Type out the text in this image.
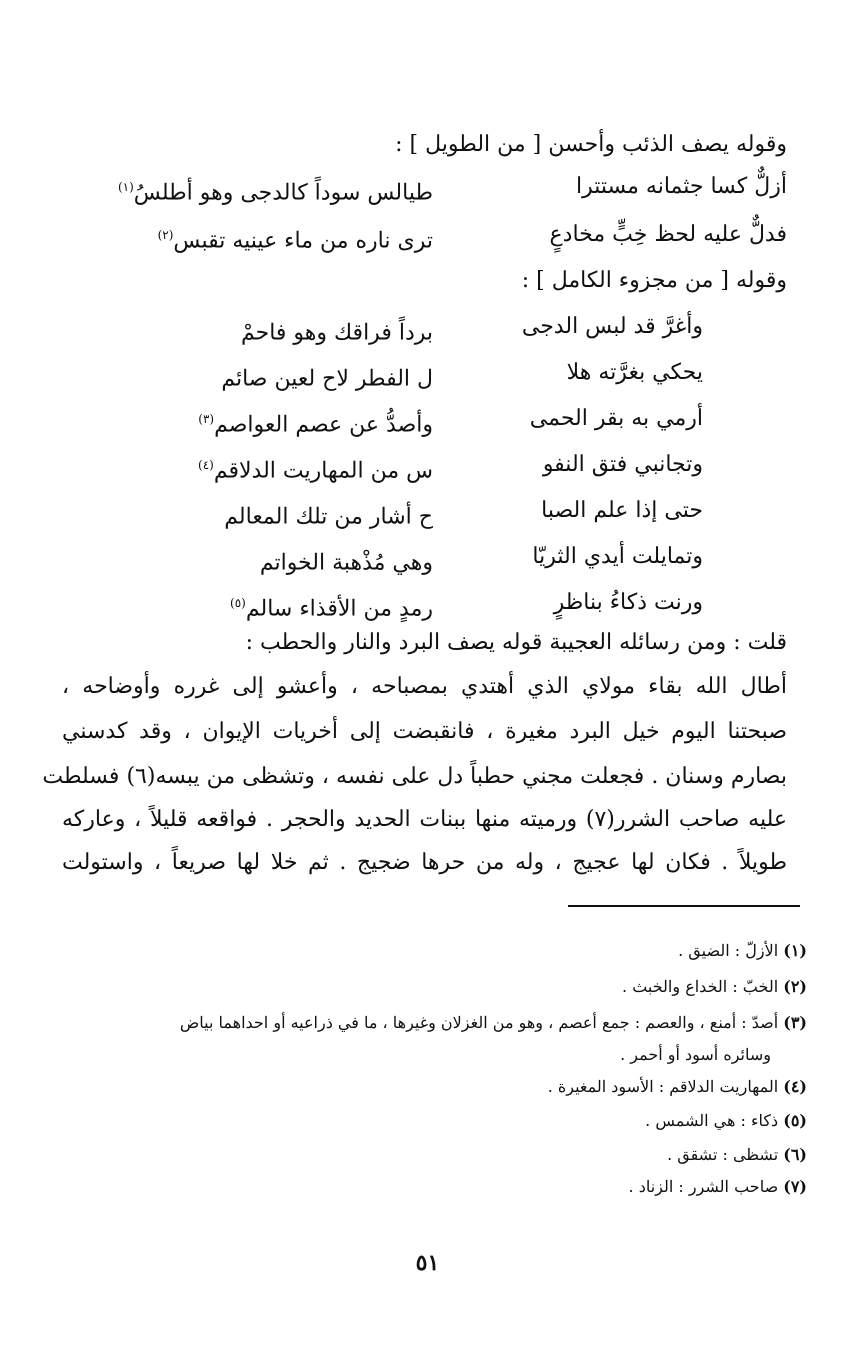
وقوله يصف الذئب وأحسن [ من الطويل ] :
أزلٌّ كسا جثمانه مستترا
طيالس سوداً كالدجى وهو أطلسُ$^{(١)}$
فدلٌّ عليه لحظ خِبٍّ مخادعٍ
ترى ناره من ماء عينيه تقبس$^{(٢)}$
وقوله [ من مجزوء الكامل ] :
وأغرَّ قد لبس الدجى
برداً فراقك وهو فاحمْ
يحكي بغرَّته هلا
ل الفطر لاح لعين صائم
أرمي به بقر الحمى
وأصدُّ عن عصم العواصم$^{(٣)}$
وتجانبي فتق النفو
س من المهاريت الدلاقم$^{(٤)}$
حتى إذا علم الصبا
ح أشار من تلك المعالم
وتمايلت أيدي الثريّا
وهي مُذْهبة الخواتم
ورنت ذكاءُ بناظرٍ
رمدٍ من الأقذاء سالم$^{(٥)}$
قلت : ومن رسائله العجيبة قوله يصف البرد والنار والحطب :
أطال الله بقاء مولاي الذي أهتدي بمصباحه ، وأعشو إلى غرره وأوضاحه ،
صبحتنا اليوم خيل البرد مغيرة ، فانقبضت إلى أخريات الإيوان ، وقد كدسني
بصارم وسنان . فجعلت مجني حطباً دل على نفسه ، وتشظى من يبسه(٦) فسلطت
عليه صاحب الشرر(٧) ورميته منها ببنات الحديد والحجر . فواقعه قليلاً ، وعاركه
طويلاً . فكان لها عجيج ، وله من حرها ضجيج . ثم خلا لها صريعاً ، واستولت
(١) الأزلّ : الضيق .
(٢) الخبّ : الخداع والخبث .
(٣) أصدّ : أمنع ، والعصم : جمع أعصم ، وهو من الغزلان وغيرها ، ما في ذراعيه أو احداهما بياض
وسائره أسود أو أحمر .
(٤) المهاريت الدلاقم : الأسود المغيرة .
(٥) ذكاء : هي الشمس .
(٦) تشظى : تشقق .
(٧) صاحب الشرر : الزناد .
٥١
